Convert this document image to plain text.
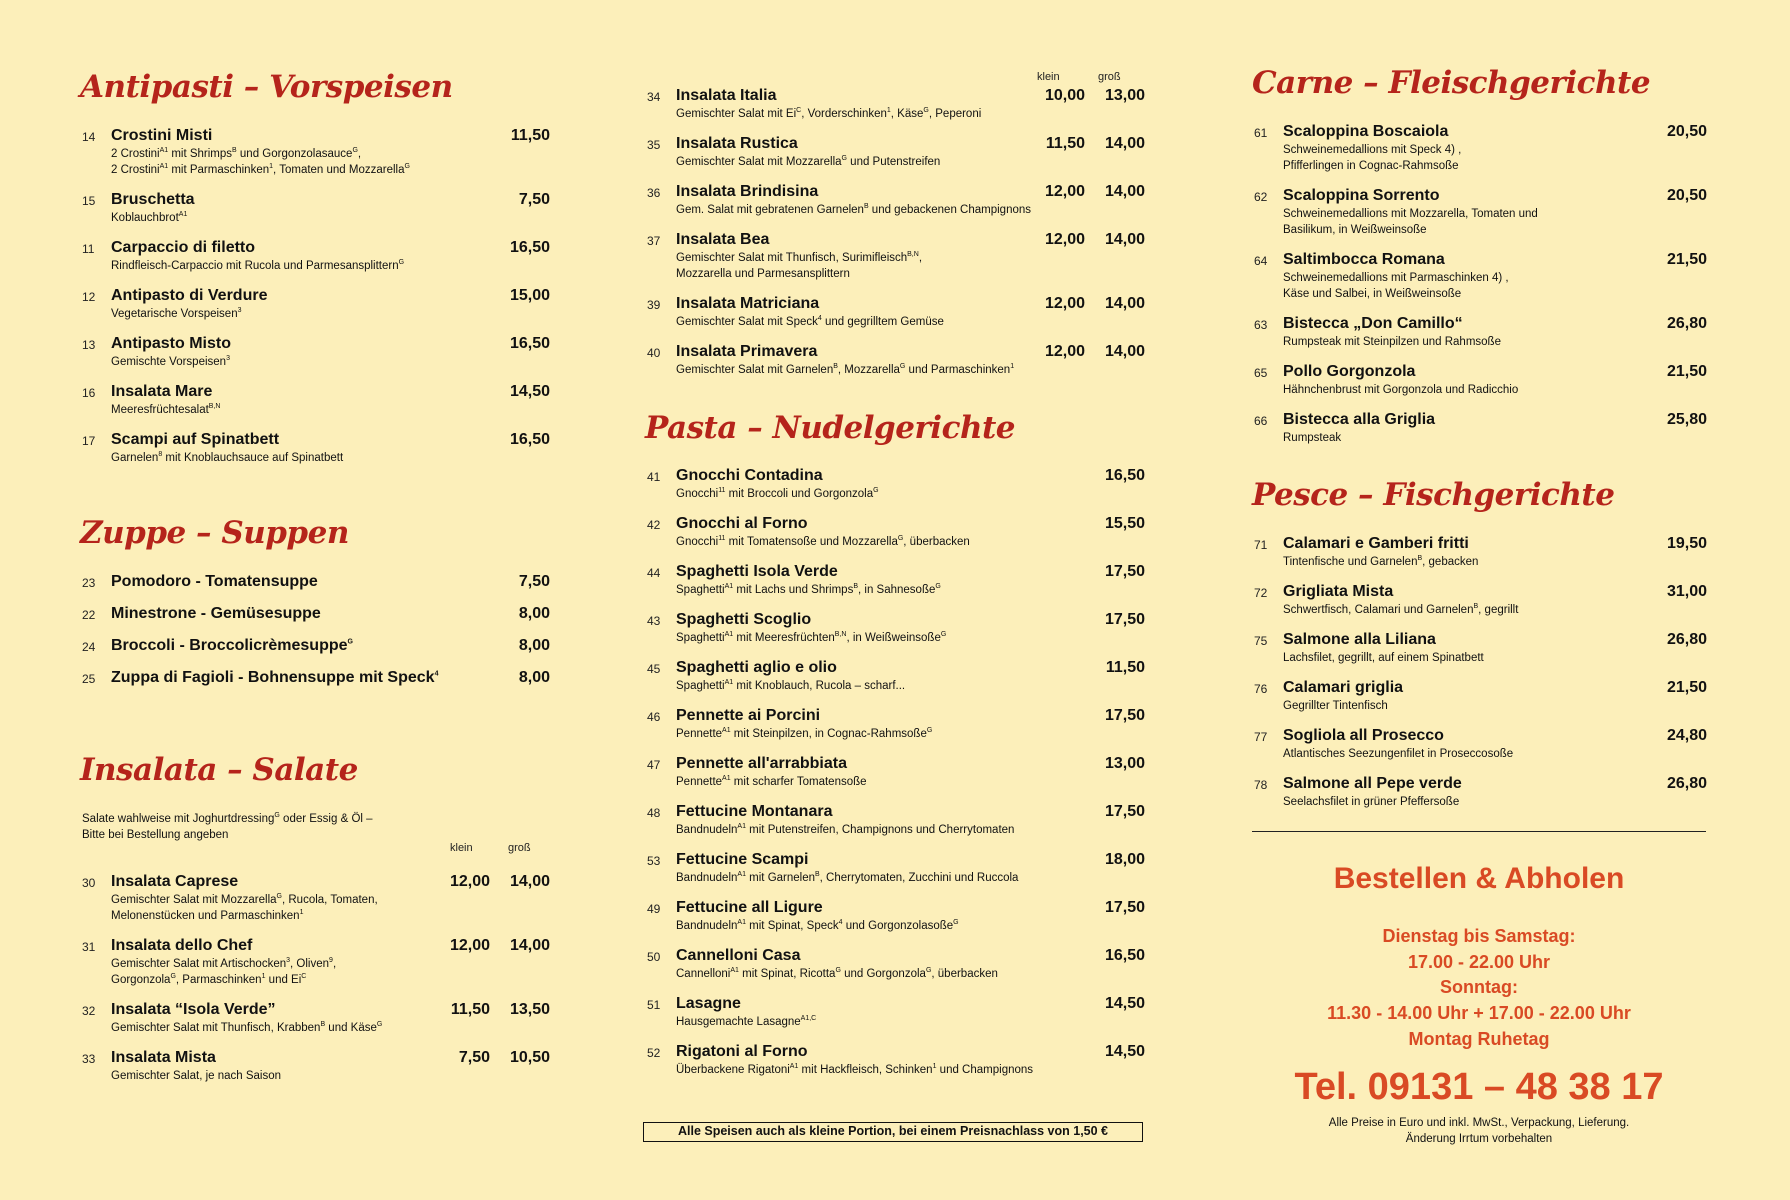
Antipasti – Vorspeisen
14 Crostini Misti
2 Crostini$^{A1}$ mit Shrimps$^B$ und Gorgonzolasauce$^G$,
2 Crostini$^{A1}$ mit Parmaschinken$^1$, Tomaten und Mozzarella$^G$
11,50
15 Bruschetta
Koblauchbrot$^{A1}$
7,50
11 Carpaccio di filetto
Rindfleisch-Carpaccio mit Rucola und Parmesansplittern$^G$
16,50
12 Antipasto di Verdure
Vegetarische Vorspeisen$^3$
15,00
13 Antipasto Misto
Gemischte Vorspeisen$^3$
16,50
16 Insalata Mare
Meeresfrüchtesalat$^{B,N}$
14,50
17 Scampi auf Spinatbett
Garnelen$^8$ mit Knoblauchsauce auf Spinatbett
16,50
Zuppe – Suppen
23 Pomodoro - Tomatensuppe	7,50
22 Minestrone - Gemüsesuppe	8,00
24 Broccoli - Broccolicrèmesuppe$^G$	8,00
25 Zuppa di Fagioli - Bohnensuppe mit Speck$^4$	8,00
Insalata – Salate
Salate wahlweise mit Joghurtdressing$^G$ oder Essig & Öl –
Bitte bei Bestellung angeben
klein	groß
30 Insalata Caprese
Gemischter Salat mit Mozzarella$^G$, Rucola, Tomaten,
Melonenstücken und Parmaschinken$^1$
12,00	14,00
31 Insalata dello Chef
Gemischter Salat mit Artischocken$^3$, Oliven$^9$,
Gorgonzola$^G$, Parmaschinken$^1$ und $Ei^C$
12,00	14,00
32 Insalata “Isola Verde”
Gemischter Salat mit Thunfisch, Krabben$^B$ und Käse$^G$
11,50	13,50
33 Insalata Mista
Gemischter Salat, je nach Saison
7,50	10,50
klein	groß
34 Insalata Italia
Gemischter Salat mit $Ei^C$, Vorderschinken$^1$, Käse$^G$, Peperoni
10,00	13,00
35 Insalata Rustica
Gemischter Salat mit Mozzarella$^G$ und Putenstreifen
11,50	14,00
36 Insalata Brindisina
Gem. Salat mit gebratenen Garnelen$^B$ und gebackenen Champignons
12,00	14,00
37 Insalata Bea
Gemischter Salat mit Thunfisch, Surimifleisch$^{B,N}$,
Mozzarella und Parmesansplittern
12,00	14,00
39 Insalata Matriciana
Gemischter Salat mit Speck$^4$ und gegrilltem Gemüse
12,00	14,00
40 Insalata Primavera
Gemischter Salat mit Garnelen$^B$, Mozzarella$^G$ und Parmaschinken$^1$
12,00	14,00
Pasta – Nudelgerichte
41 Gnocchi Contadina
Gnocchi$^{11}$ mit Broccoli und Gorgonzola$^G$
16,50
42 Gnocchi al Forno
Gnocchi$^{11}$ mit Tomatensoße und Mozzarella$^G$, überbacken
15,50
44 Spaghetti Isola Verde
Spaghetti$^{A1}$ mit Lachs und Shrimps$^B$, in Sahnesoße$^G$
17,50
43 Spaghetti Scoglio
Spaghetti$^{A1}$ mit Meeresfrüchten$^{B,N}$, in Weißweinsoße$^G$
17,50
45 Spaghetti aglio e olio
Spaghetti$^{A1}$ mit Knoblauch, Rucola – scharf...
11,50
46 Pennette ai Porcini
Pennette$^{A1}$ mit Steinpilzen, in Cognac-Rahmsoße$^G$
17,50
47 Pennette all'arrabbiata
Pennette$^{A1}$ mit scharfer Tomatensoße
13,00
48 Fettucine Montanara
Bandnudeln$^{A1}$ mit Putenstreifen, Champignons und Cherrytomaten
17,50
53 Fettucine Scampi
Bandnudeln$^{A1}$ mit Garnelen$^B$, Cherrytomaten, Zucchini und Ruccola
18,00
49 Fettucine all Ligure
Bandnudeln$^{A1}$ mit Spinat, Speck$^4$ und Gorgonzolasoße$^G$
17,50
50 Cannelloni Casa
Cannelloni$^{A1}$ mit Spinat, Ricotta$^G$ und Gorgonzola$^G$, überbacken
16,50
51 Lasagne
Hausgemachte Lasagne$^{A1,C}$
14,50
52 Rigatoni al Forno
Überbackene Rigatoni$^{A1}$ mit Hackfleisch, Schinken$^1$ und Champignons
14,50
Alle Speisen auch als kleine Portion, bei einem Preisnachlass von 1,50 €
Carne – Fleischgerichte
61 Scaloppina Boscaiola
Schweinemedallions mit Speck 4) ,
Pfifferlingen in Cognac-Rahmsoße
20,50
62 Scaloppina Sorrento
Schweinemedallions mit Mozzarella, Tomaten und
Basilikum, in Weißweinsoße
20,50
64 Saltimbocca Romana
Schweinemedallions mit Parmaschinken 4) ,
Käse und Salbei, in Weißweinsoße
21,50
63 Bistecca „Don Camillo“
Rumpsteak mit Steinpilzen und Rahmsoße
26,80
65 Pollo Gorgonzola
Hähnchenbrust mit Gorgonzola und Radicchio
21,50
66 Bistecca alla Griglia
Rumpsteak
25,80
Pesce – Fischgerichte
71 Calamari e Gamberi fritti
Tintenfische und Garnelen$^B$, gebacken
19,50
72 Grigliata Mista
Schwertfisch, Calamari und Garnelen$^B$, gegrillt
31,00
75 Salmone alla Liliana
Lachsfilet, gegrillt, auf einem Spinatbett
26,80
76 Calamari griglia
Gegrillter Tintenfisch
21,50
77 Sogliola all Prosecco
Atlantisches Seezungenfilet in Proseccosoße
24,80
78 Salmone all Pepe verde
Seelachsfilet in grüner Pfeffersoße
26,80
Bestellen & Abholen
Dienstag bis Samstag:
17.00 - 22.00 Uhr
Sonntag:
11.30 - 14.00 Uhr + 17.00 - 22.00 Uhr
Montag Ruhetag
Tel. 09131 – 48 38 17
Alle Preise in Euro und inkl. MwSt., Verpackung, Lieferung.
Änderung Irrtum vorbehalten
